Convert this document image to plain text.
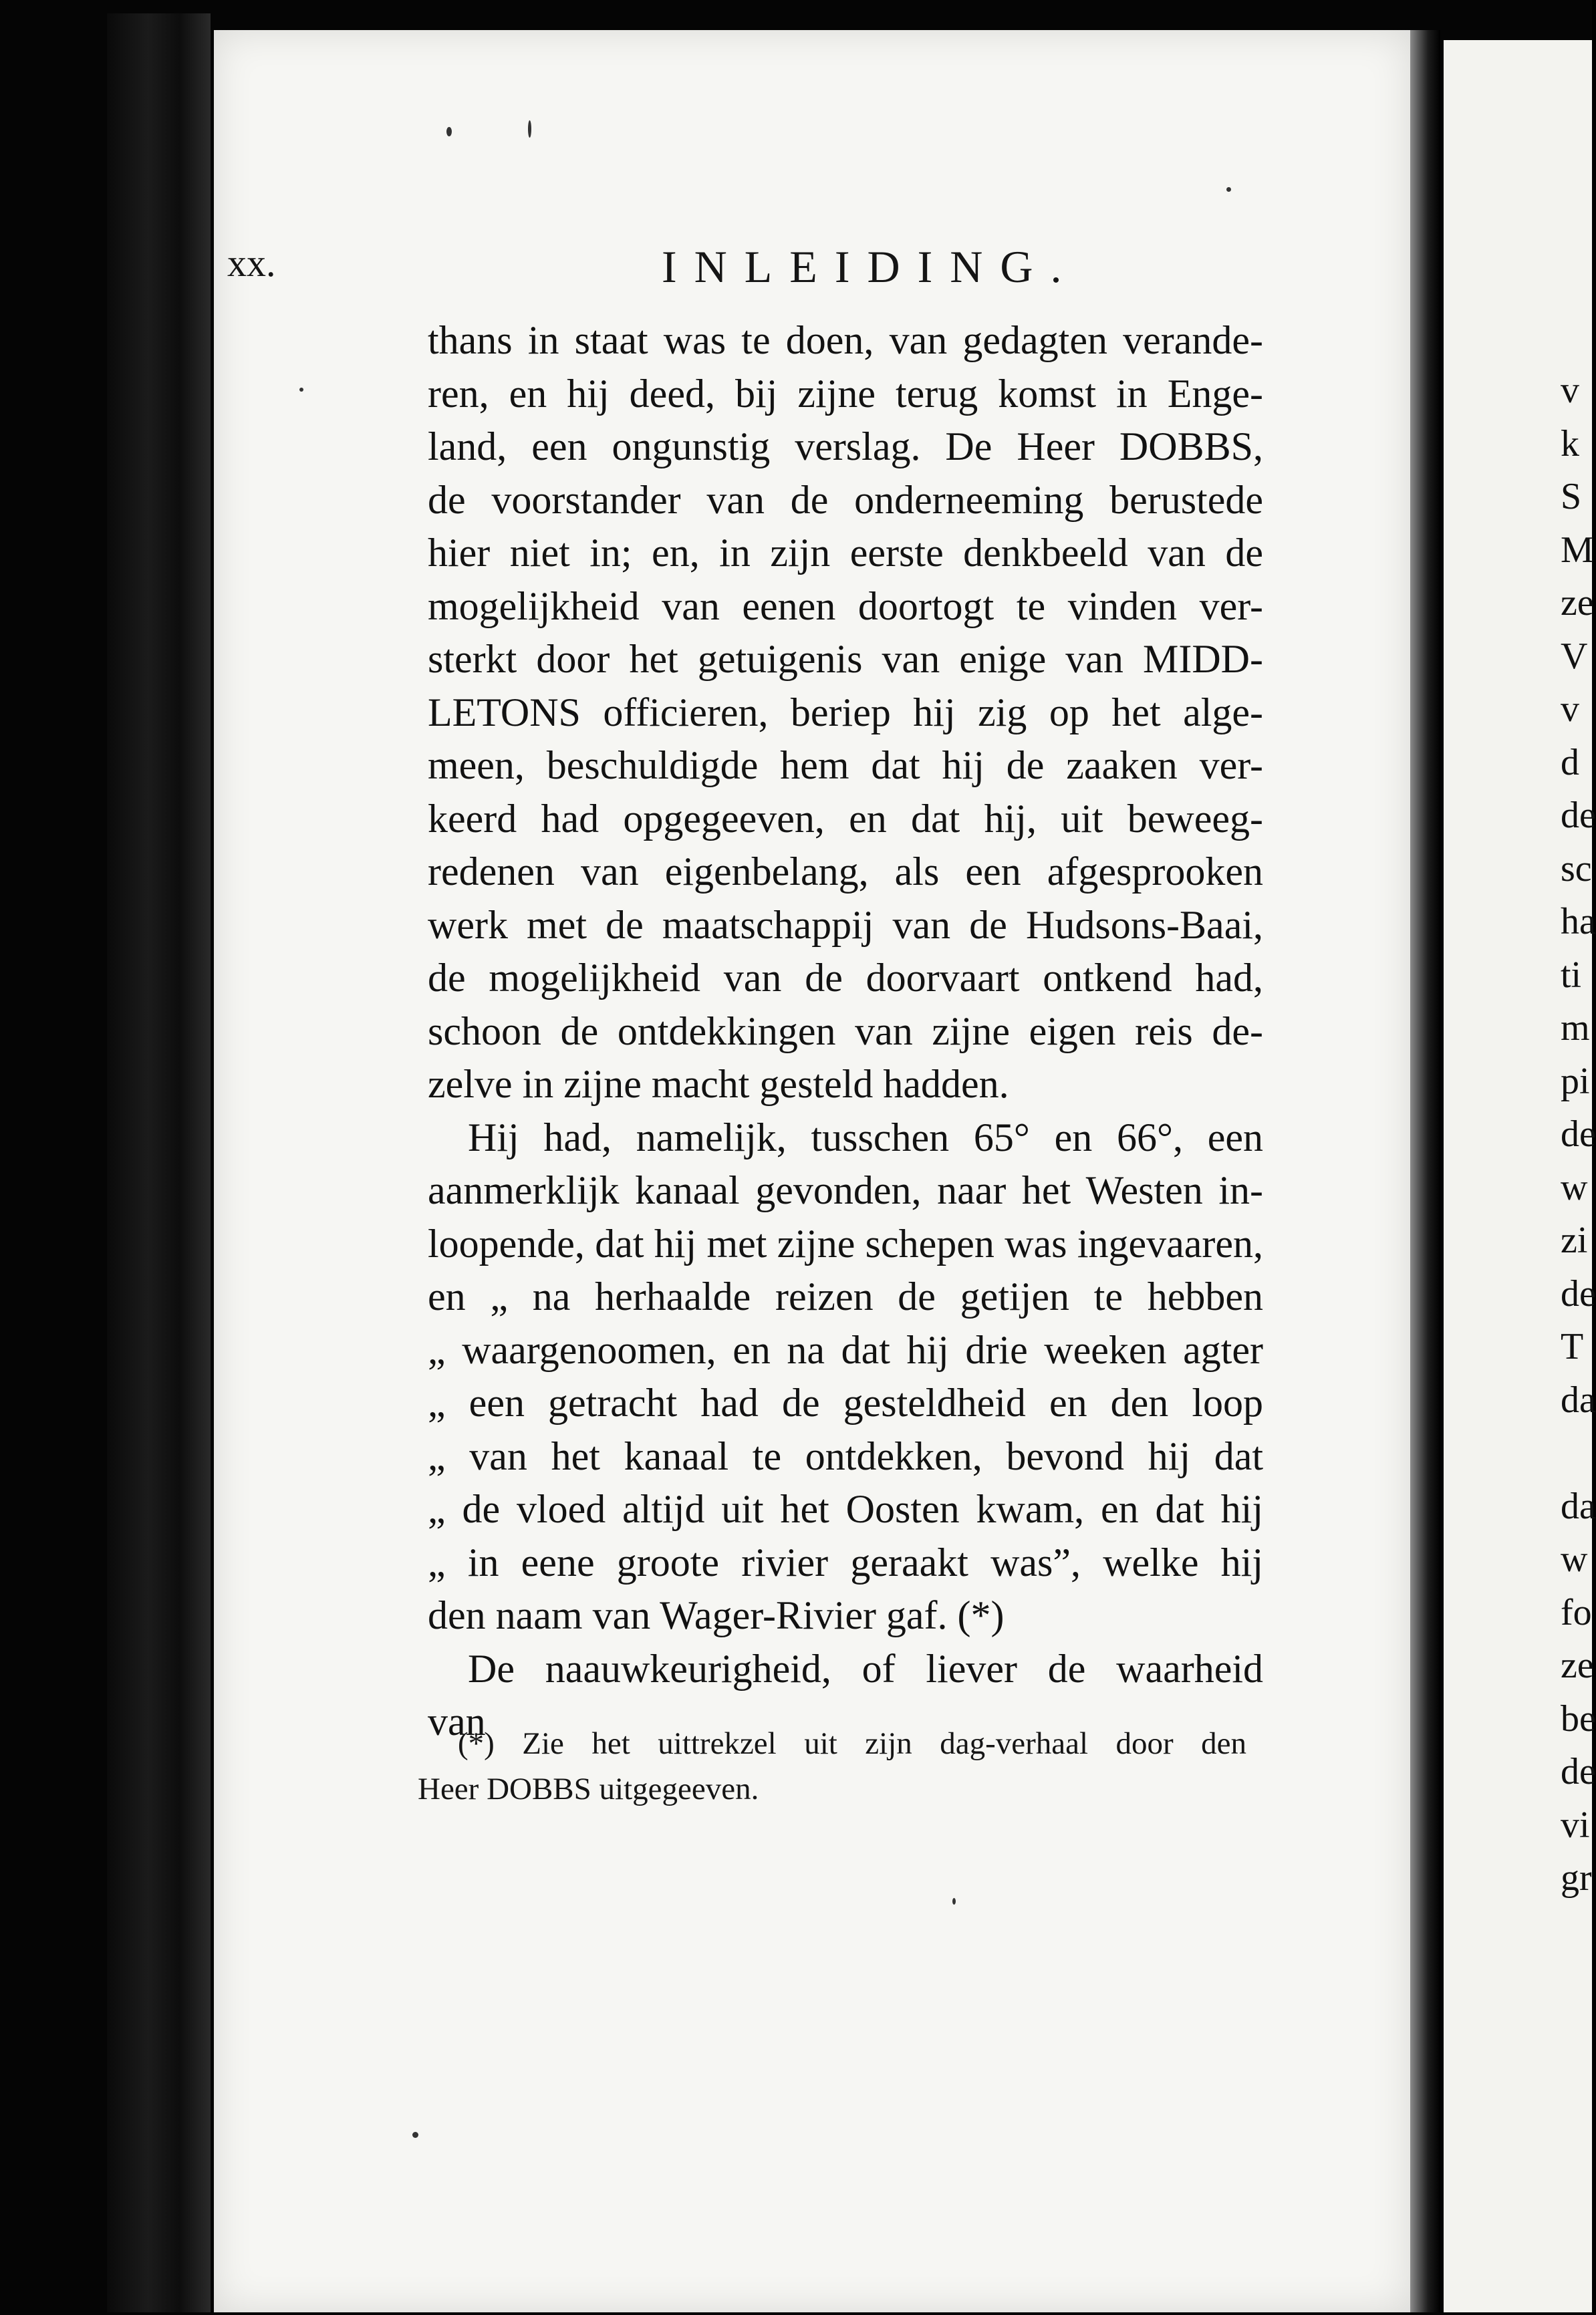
xx.	INLEIDING.
thans in staat was te doen, van gedagten verande-
ren, en hij deed, bij zijne terug komst in Enge-
land, een ongunstig verslag. De Heer DOBBS,
de voorstander van de onderneeming berustede
hier niet in; en, in zijn eerste denkbeeld van de
mogelijkheid van eenen doortogt te vinden ver-
sterkt door het getuigenis van enige van MIDD-
LETONS officieren, beriep hij zig op het alge-
meen, beschuldigde hem dat hij de zaaken ver-
keerd had opgegeeven, en dat hij, uit beweeg-
redenen van eigenbelang, als een afgesprooken
werk met de maatschappij van de Hudsons-Baai,
de mogelijkheid van de doorvaart ontkend had,
schoon de ontdekkingen van zijne eigen reis de-
zelve in zijne macht gesteld hadden.
Hij had, namelijk, tusschen 65° en 66°, een
aanmerklijk kanaal gevonden, naar het Westen in-
loopende, dat hij met zijne schepen was ingevaaren,
en „ na herhaalde reizen de getijen te hebben
„ waargenoomen, en na dat hij drie weeken agter
„ een getracht had de gesteldheid en den loop
„ van het kanaal te ontdekken, bevond hij dat
„ de vloed altijd uit het Oosten kwam, en dat hij
„ in eene groote rivier geraakt was”, welke hij
den naam van Wager-Rivier gaf. (*)
De naauwkeurigheid, of liever de waarheid
van
(*) Zie het uittrekzel uit zijn dag-verhaal door den
Heer DOBBS uitgegeeven.
v
k
S
M
ze
V
v
d
de
sc
ha
ti
m
pi
de
w
zi
de
T
da
da
w
fo
ze
be
de
vi
gr
